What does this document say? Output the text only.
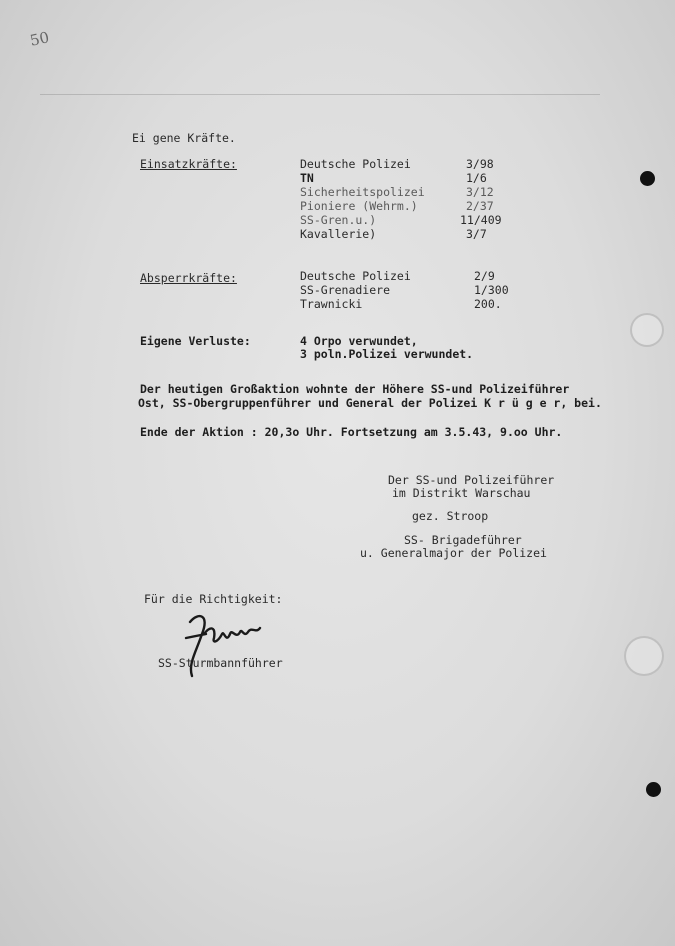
50
Ei gene Kräfte.
Einsatzkräfte:	Deutsche Polizei	3/98
TN	1/6
Sicherheitspolizei	3/12
Pioniere (Wehrm.)	2/37
SS-Gren.u.)	11/409
Kavallerie)	3/7
Absperrkräfte:	Deutsche Polizei	2/9
SS-Grenadiere	1/300
Trawnicki	200.
Eigene Verluste:	4 Orpo verwundet,
3 poln.Polizei verwundet.
Der heutigen Großaktion wohnte der Höhere SS-und Polizeiführer
Ost, SS-Obergruppenführer und General der Polizei K r ü g e r, bei.
Ende der Aktion : 20,3o Uhr. Fortsetzung am 3.5.43, 9.oo Uhr.
Der SS-und Polizeiführer
im Distrikt Warschau
gez. Stroop
SS- Brigadeführer
u. Generalmajor der Polizei
Für die Richtigkeit:
SS-Sturmbannführer
